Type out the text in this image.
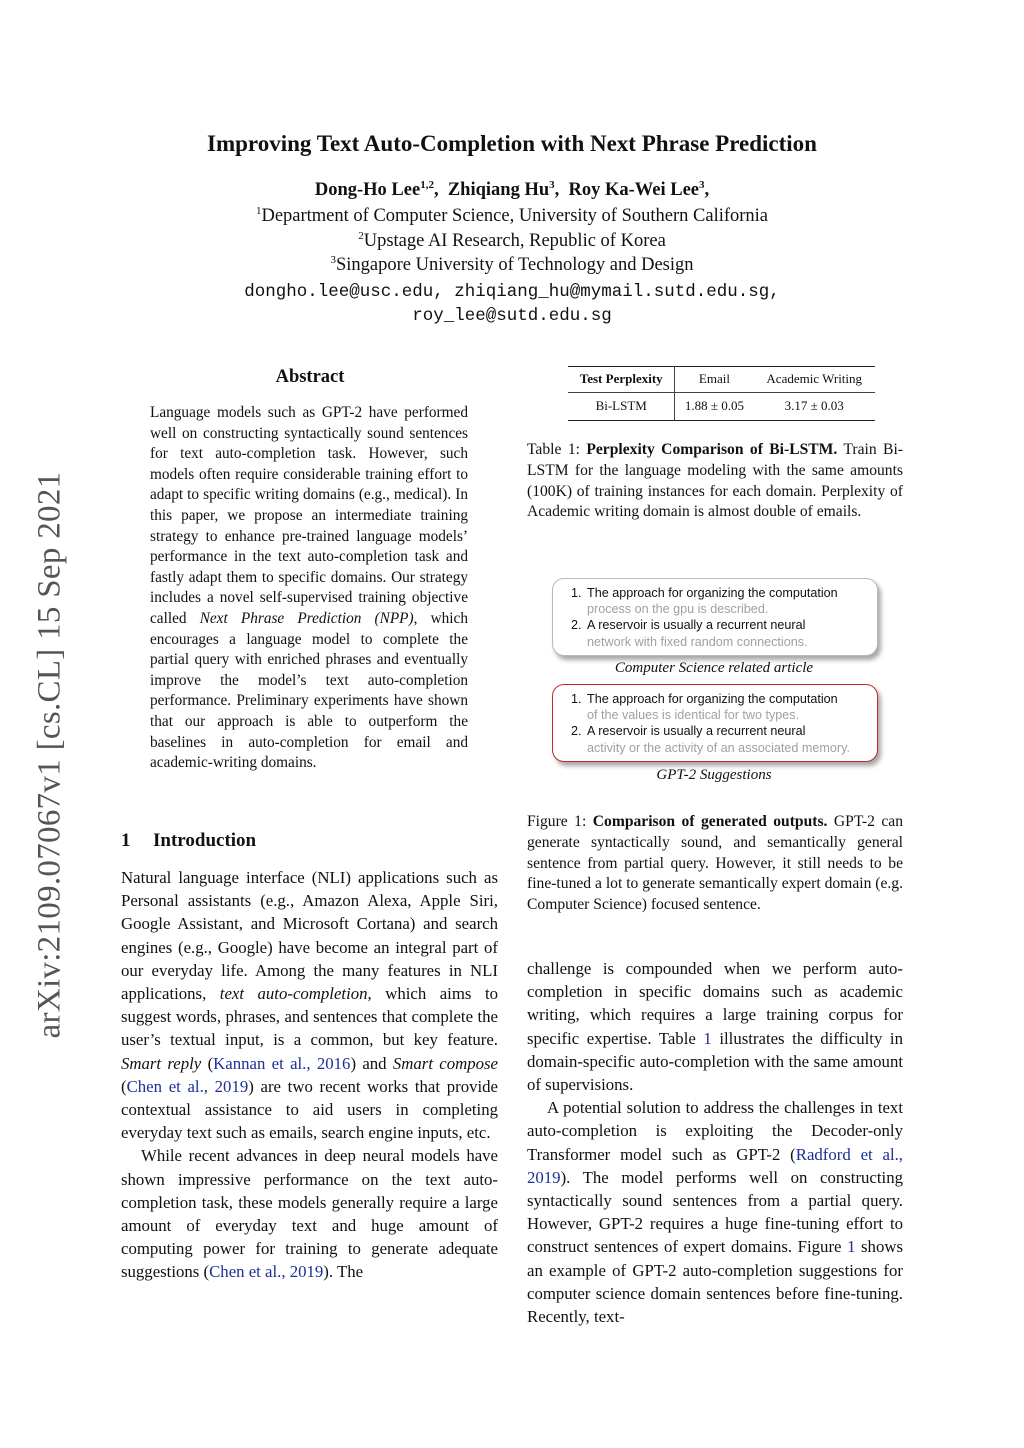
Improving Text Auto-Completion with Next Phrase Prediction
Dong-Ho Lee$^{1,2}$,  Zhiqiang Hu$^3$,  Roy Ka-Wei Lee$^3$,
$^1$Department of Computer Science, University of Southern California
$^2$Upstage AI Research, Republic of Korea
$^3$Singapore University of Technology and Design
dongho.lee@usc.edu, zhiqiang_hu@mymail.sutd.edu.sg,
roy_lee@sutd.edu.sg
arXiv:2109.07067v1 [cs.CL] 15 Sep 2021
Abstract
Language models such as GPT-2 have performed well on constructing syntactically sound sentences for text auto-completion task. However, such models often require considerable training effort to adapt to specific writing domains (e.g., medical). In this paper, we propose an intermediate training strategy to enhance pre-trained language models’ performance in the text auto-completion task and fastly adapt them to specific domains. Our strategy includes a novel self-supervised training objective called Next Phrase Prediction (NPP), which encourages a language model to complete the partial query with enriched phrases and eventually improve the model’s text auto-completion performance. Preliminary experiments have shown that our approach is able to outperform the baselines in auto-completion for email and academic-writing domains.
1 Introduction

Natural language interface (NLI) applications such as Personal assistants (e.g., Amazon Alexa, Apple Siri, Google Assistant, and Microsoft Cortana) and search engines (e.g., Google) have become an integral part of our everyday life. Among the many features in NLI applications, text auto-completion, which aims to suggest words, phrases, and sentences that complete the user’s textual input, is a common, but key feature. Smart reply (Kannan et al., 2016) and Smart compose (Chen et al., 2019) are two recent works that provide contextual assistance to aid users in completing everyday text such as emails, search engine inputs, etc.

While recent advances in deep neural models have shown impressive performance on the text auto-completion task, these models generally require a large amount of everyday text and huge amount of computing power for training to generate adequate suggestions (Chen et al., 2019). The

Test Perplexity	Email	Academic Writing
Bi-LSTM	1.88 ± 0.05	3.17 ± 0.03
Table 1: Perplexity Comparison of Bi-LSTM. Train Bi-LSTM for the language modeling with the same amounts (100K) of training instances for each domain. Perplexity of Academic writing domain is almost double of emails.
1. The approach for organizing the computation
process on the gpu is described.
2. A reservoir is usually a recurrent neural
network with fixed random connections.
Computer Science related article
1. The approach for organizing the computation
of the values is identical for two types.
2. A reservoir is usually a recurrent neural
activity or the activity of an associated memory.
GPT-2 Suggestions
Figure 1: Comparison of generated outputs. GPT-2 can generate syntactically sound, and semantically general sentence from partial query. However, it still needs to be fine-tuned a lot to generate semantically expert domain (e.g. Computer Science) focused sentence.

challenge is compounded when we perform auto-completion in specific domains such as academic writing, which requires a large training corpus for specific expertise. Table 1 illustrates the difficulty in domain-specific auto-completion with the same amount of supervisions.

A potential solution to address the challenges in text auto-completion is exploiting the Decoder-only Transformer model such as GPT-2 (Radford et al., 2019). The model performs well on constructing syntactically sound sentences from a partial query. However, GPT-2 requires a huge fine-tuning effort to construct sentences of expert domains. Figure 1 shows an example of GPT-2 auto-completion suggestions for computer science domain sentences before fine-tuning. Recently, text-
